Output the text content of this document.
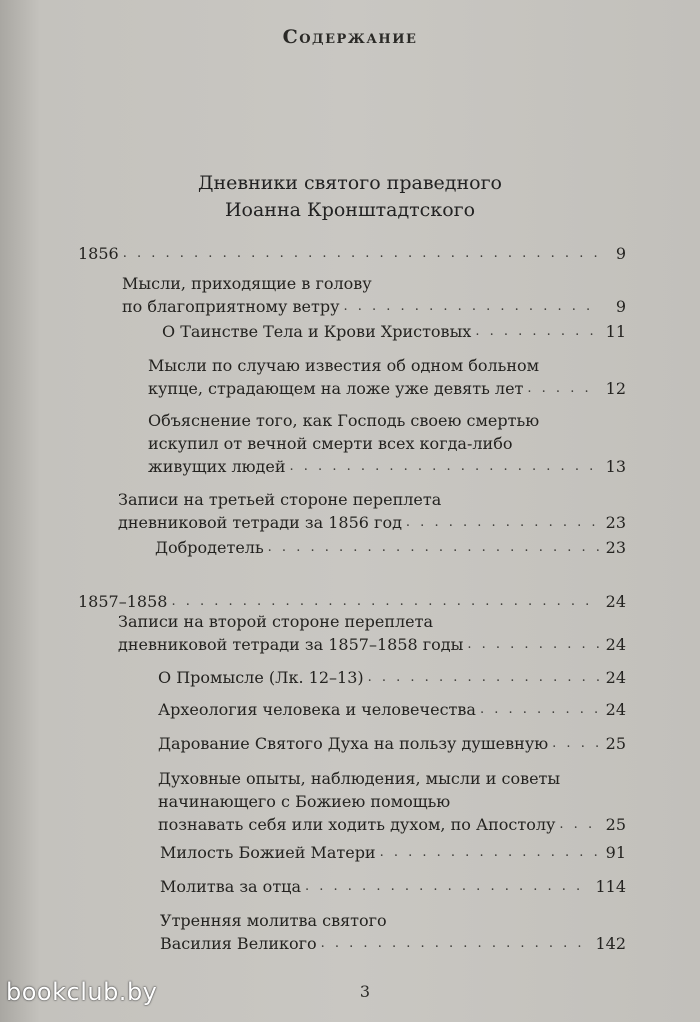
Содержание
Дневники святого праведного
Иоанна Кронштадтского
1856 . . .	9
Мысли, приходящие в голову
по благоприятному ветру . . .	9
О Таинстве Тела и Крови Христовых . . .	11
Мысли по случаю известия об одном больном
купце, страдающем на ложе уже девять лет . . .	12
Объяснение того, как Господь своею смертью
искупил от вечной смерти всех когда-либо
живущих людей . . .	13
Записи на третьей стороне переплета
дневниковой тетради за 1856 год . . .	23
Добродетель . . .	23
1857–1858 . . .	24
Записи на второй стороне переплета
дневниковой тетради за 1857–1858 годы . . .	24
О Промысле (Лк. 12–13) . . .	24
Археология человека и человечества . . .	24
Дарование Святого Духа на пользу душевную . . .	25
Духовные опыты, наблюдения, мысли и советы
начинающего с Божиею помощью
познавать себя или ходить духом, по Апостолу . . .	25
Милость Божией Матери . . .	91
Молитва за отца . . .	114
Утренняя молитва святого
Василия Великого . . .	142
3
bookclub.by
